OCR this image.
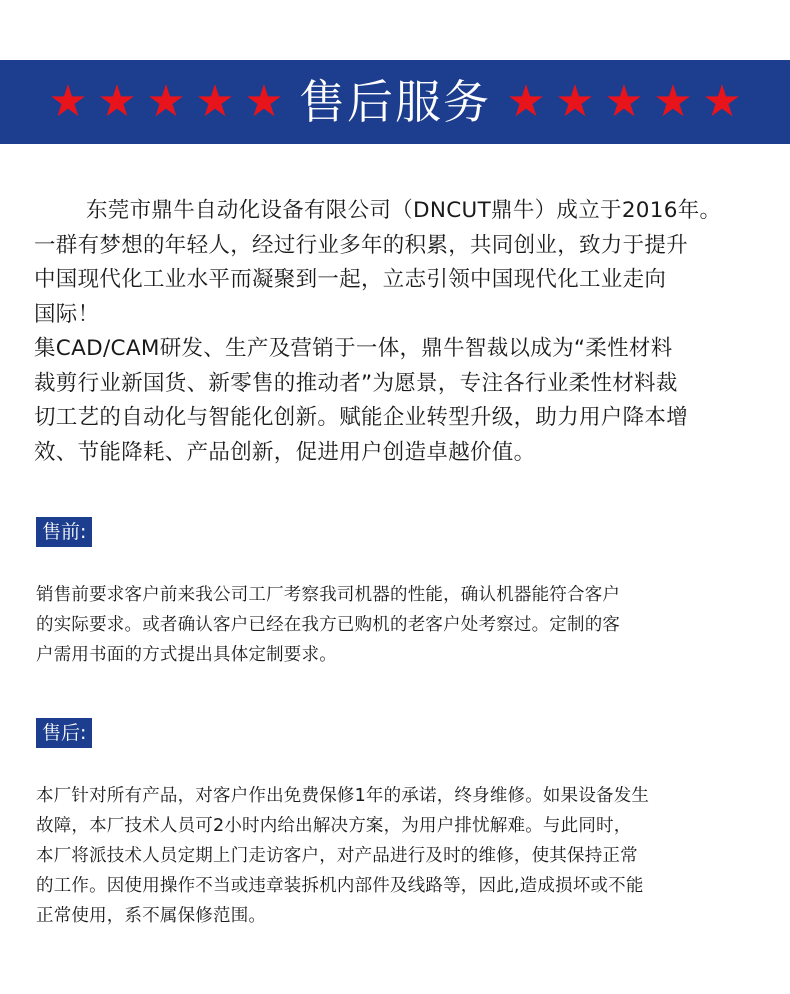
★ ★ ★ ★ ★ 售后服务 ★ ★ ★ ★ ★

东莞市鼎牛自动化设备有限公司（DNCUT鼎牛）成立于2016年。

一群有梦想的年轻人，经过行业多年的积累，共同创业，致力于提升

中国现代化工业水平而凝聚到一起，立志引领中国现代化工业走向

国际！

集CAD/CAM研发、生产及营销于一体，鼎牛智裁以成为“柔性材料

裁剪行业新国货、新零售的推动者”为愿景，专注各行业柔性材料裁

切工艺的自动化与智能化创新。赋能企业转型升级，助力用户降本增

效、节能降耗、产品创新，促进用户创造卓越价值。

售前:

销售前要求客户前来我公司工厂考察我司机器的性能，确认机器能符合客户

的实际要求。或者确认客户已经在我方已购机的老客户处考察过。定制的客

户需用书面的方式提出具体定制要求。

售后:

本厂针对所有产品，对客户作出免费保修1年的承诺，终身维修。如果设备发生

故障，本厂技术人员可2小时内给出解决方案，为用户排忧解难。与此同时，

本厂将派技术人员定期上门走访客户，对产品进行及时的维修，使其保持正常

的工作。因使用操作不当或违章装拆机内部件及线路等，因此,造成损坏或不能

正常使用，系不属保修范围。
